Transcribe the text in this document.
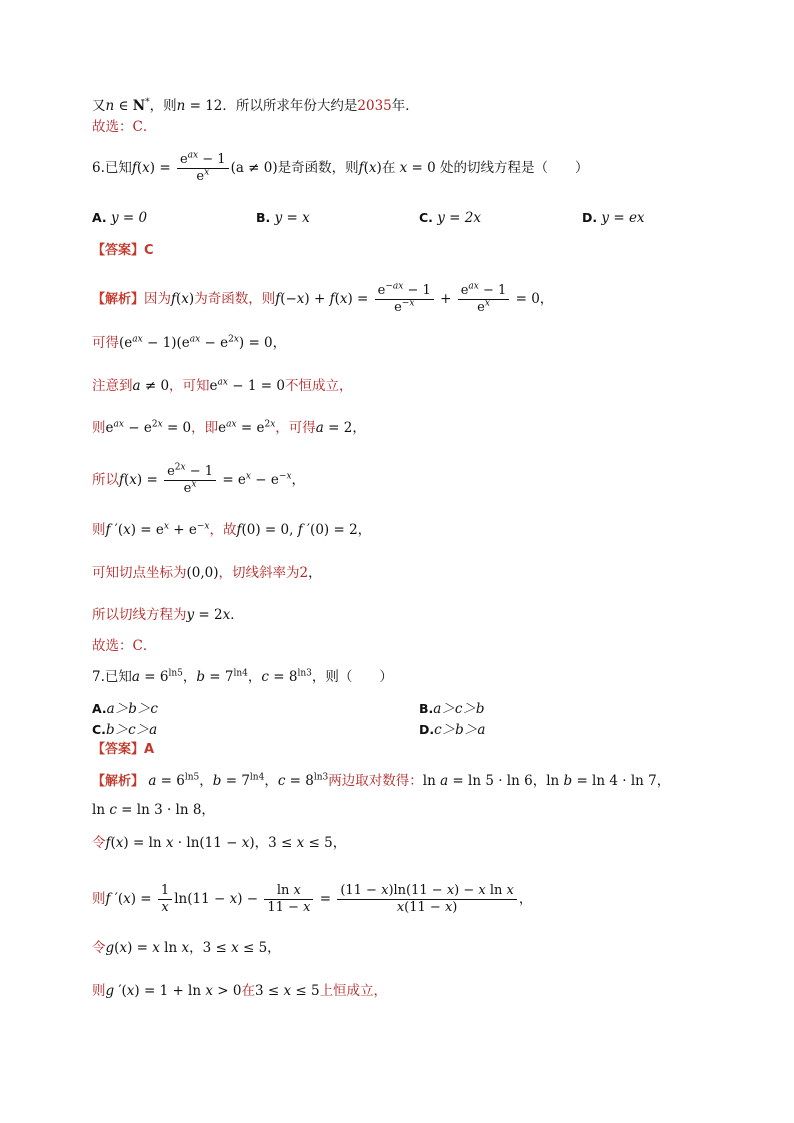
又n ∈ N*，则n = 12．所以所求年份大约是2035年．
故选：C．
6.已知$f(x) = \frac{e^{ax} - 1}{e^x} (a \ne 0)$是奇函数，则f(x)在 x = 0 处的切线方程是（　　）
A. y = 0	B. y = x	C. y = 2x	D. y = ex
【答案】C
【解析】因为f(x)为奇函数，则$f(-x) + f(x) = \frac{e^{-ax} - 1}{e^{-x}} + \frac{e^{ax} - 1}{e^x} = 0$，
可得$(e^{ax} - 1)(e^{ax} - e^{2x}) = 0$，
注意到a ≠ 0，可知$e^{ax} - 1 = 0$不恒成立，
则$e^{ax} - e^{2x} = 0$，即$e^{ax} = e^{2x}$，可得a = 2，
所以$f(x) = \frac{e^{2x} - 1}{e^x} = e^x - e^{-x}$，
则f $'(x) = e^x + e^{-x}$，故f(0) = 0, f ′(0) = 2，
可知切点坐标为(0,0)，切线斜率为2，
所以切线方程为y = 2x．
故选：C．
7.已知$a = 6^{ln5}$，$b = 7^{ln4}$，$c = 8^{ln3}$，则（　　）
A.a＞b＞c	B.a＞c＞b
C.b＞c＞a	D.c＞b＞a
【答案】A
【解析】 $a = 6^{ln5}$，$b = 7^{ln4}$，$c = 8^{ln3}$两边取对数得：ln a = ln 5 · ln 6，ln b = ln 4 · ln 7，
ln c = ln 3 · ln 8，
令f(x) = ln x · ln(11 − x)，3 ≤ x ≤ 5，
则f $'(x) = \frac{1}{x} \ln(11 - x) - \frac{\text{ln x}}{11 - x} = \frac{\text{(11 − x)ln(11 − x) − x ln x}}{x(11 - x)}$ ，
令g(x) = x ln x，3 ≤ x ≤ 5，
则g ′(x) = 1 + ln x > 0在3 ≤ x ≤ 5上恒成立，
